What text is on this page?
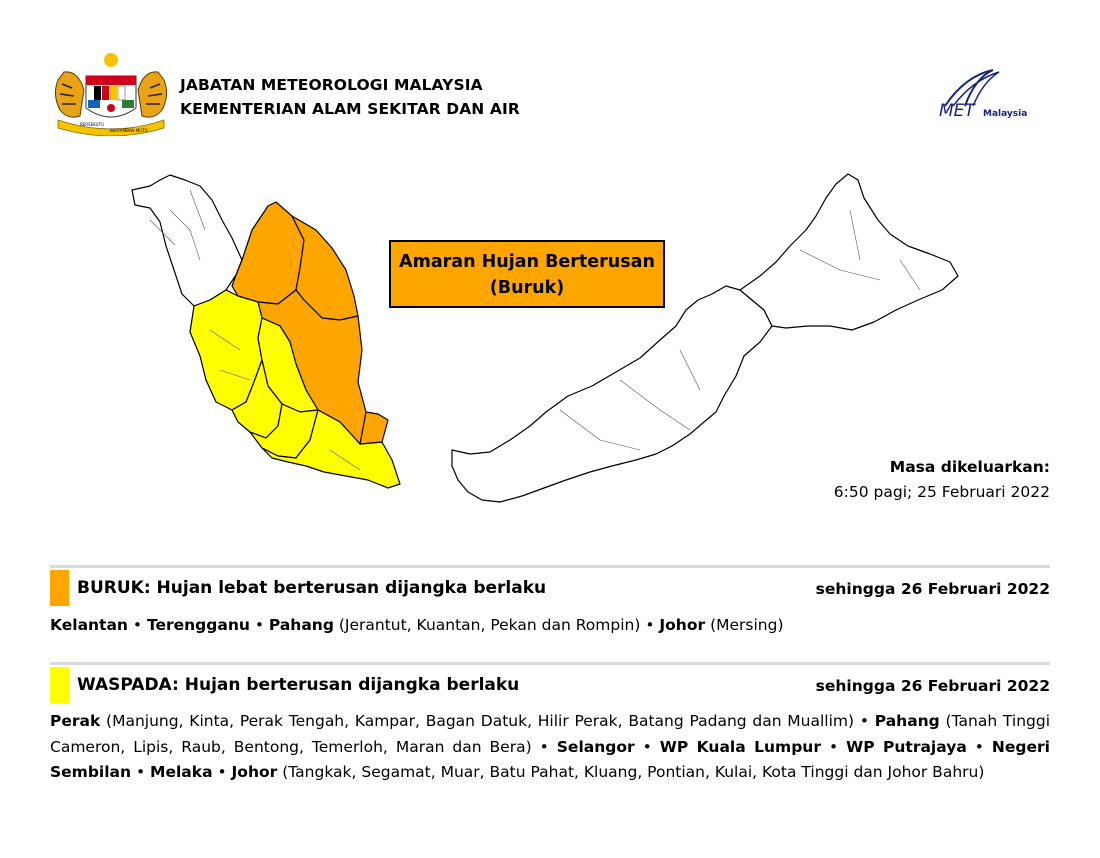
BERSEKUTU
BERTAMBAH MUTU
JABATAN METEOROLOGI MALAYSIA
KEMENTERIAN ALAM SEKITAR DAN AIR	MET Malaysia
Amaran Hujan Berterusan
(Buruk)
Masa dikeluarkan:
6:50 pagi; 25 Februari 2022
BURUK: Hujan lebat berterusan dijangka berlaku	sehingga 26 Februari 2022
Kelantan • Terengganu • Pahang (Jerantut, Kuantan, Pekan dan Rompin) • Johor (Mersing)
WASPADA: Hujan berterusan dijangka berlaku	sehingga 26 Februari 2022
Perak (Manjung, Kinta, Perak Tengah, Kampar, Bagan Datuk, Hilir Perak, Batang Padang dan Muallim) • Pahang (Tanah Tinggi Cameron, Lipis, Raub, Bentong, Temerloh, Maran dan Bera) • Selangor • WP Kuala Lumpur • WP Putrajaya • Negeri Sembilan • Melaka • Johor (Tangkak, Segamat, Muar, Batu Pahat, Kluang, Pontian, Kulai, Kota Tinggi dan Johor Bahru)
